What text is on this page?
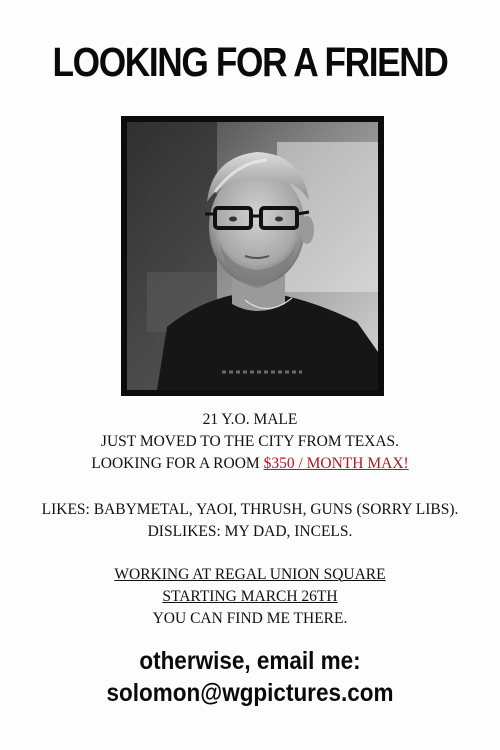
LOOKING FOR A FRIEND
21 Y.O. MALE
JUST MOVED TO THE CITY FROM TEXAS.
LOOKING FOR A ROOM $350 / MONTH MAX!
LIKES: BABYMETAL, YAOI, THRUSH, GUNS (SORRY LIBS).
DISLIKES: MY DAD, INCELS.
WORKING AT REGAL UNION SQUARE
STARTING MARCH 26TH
YOU CAN FIND ME THERE.
otherwise, email me:
solomon@wgpictures.com
